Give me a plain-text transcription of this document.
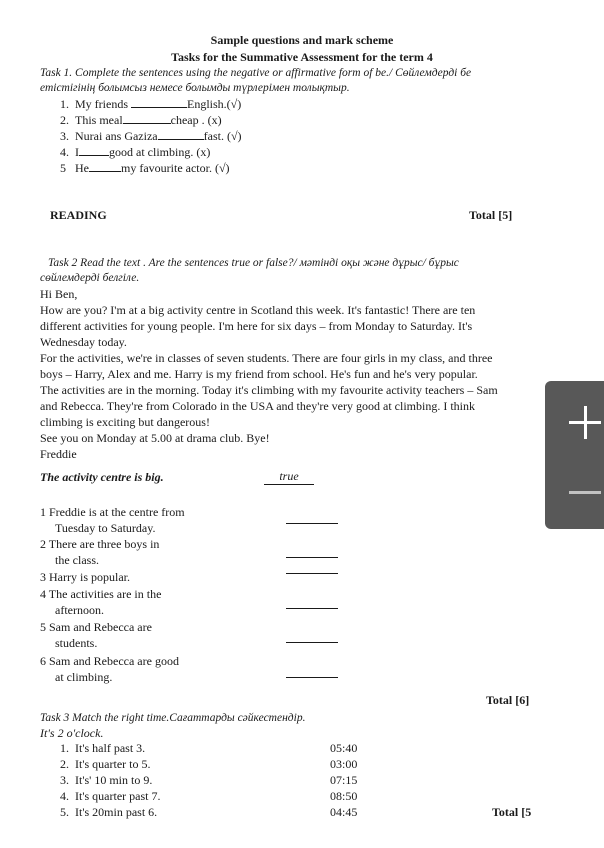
Sample questions and mark scheme
Tasks for the Summative Assessment for the term 4
Task 1. Complete the sentences using the negative or affirmative form of be./ Сөйлемдерді бе
етістігінің болымсыз немесе болымды түрлерімен толықтыр.
1. My friends	English.(√)
2. This meal	cheap . (x)
3. Nurai ans Gaziza	fast. (√)
4. I	good at climbing. (x)
5 He	my favourite actor. (√)
READING	Total [5]
Task 2 Read the text . Are the sentences true or false?/ мәтінді оқы және дұрыс/ бұрыс
сөйлемдерді белгіле.
Hi Ben,
How are you? I'm at a big activity centre in Scotland this week. It's fantastic! There are ten
different activities for young people. I'm here for six days – from Monday to Saturday. It's
Wednesday today.
For the activities, we're in classes of seven students. There are four girls in my class, and three
boys – Harry, Alex and me. Harry is my friend from school. He's fun and he's very popular.
The activities are in the morning. Today it's climbing with my favourite activity teachers – Sam
and Rebecca. They're from Colorado in the USA and they're very good at climbing. I think
climbing is exciting but dangerous!
See you on Monday at 5.00 at drama club. Bye!
Freddie
The activity centre is big.	true
1 Freddie is at the centre from
Tuesday to Saturday.
2 There are three boys in
the class.
3 Harry is popular.
4 The activities are in the
afternoon.
5 Sam and Rebecca are
students.
6 Sam and Rebecca are good
at climbing.
Total [6]
Task 3 Match the right time.Сағаттарды сәйкестендір.
It's 2 o'clock.
1. It's half past 3.	05:40
2. It's quarter to 5.	03:00
3. It's' 10 min to 9.	07:15
4. It's quarter past 7.	08:50
5. It's 20min past 6.	04:45	Total [5
